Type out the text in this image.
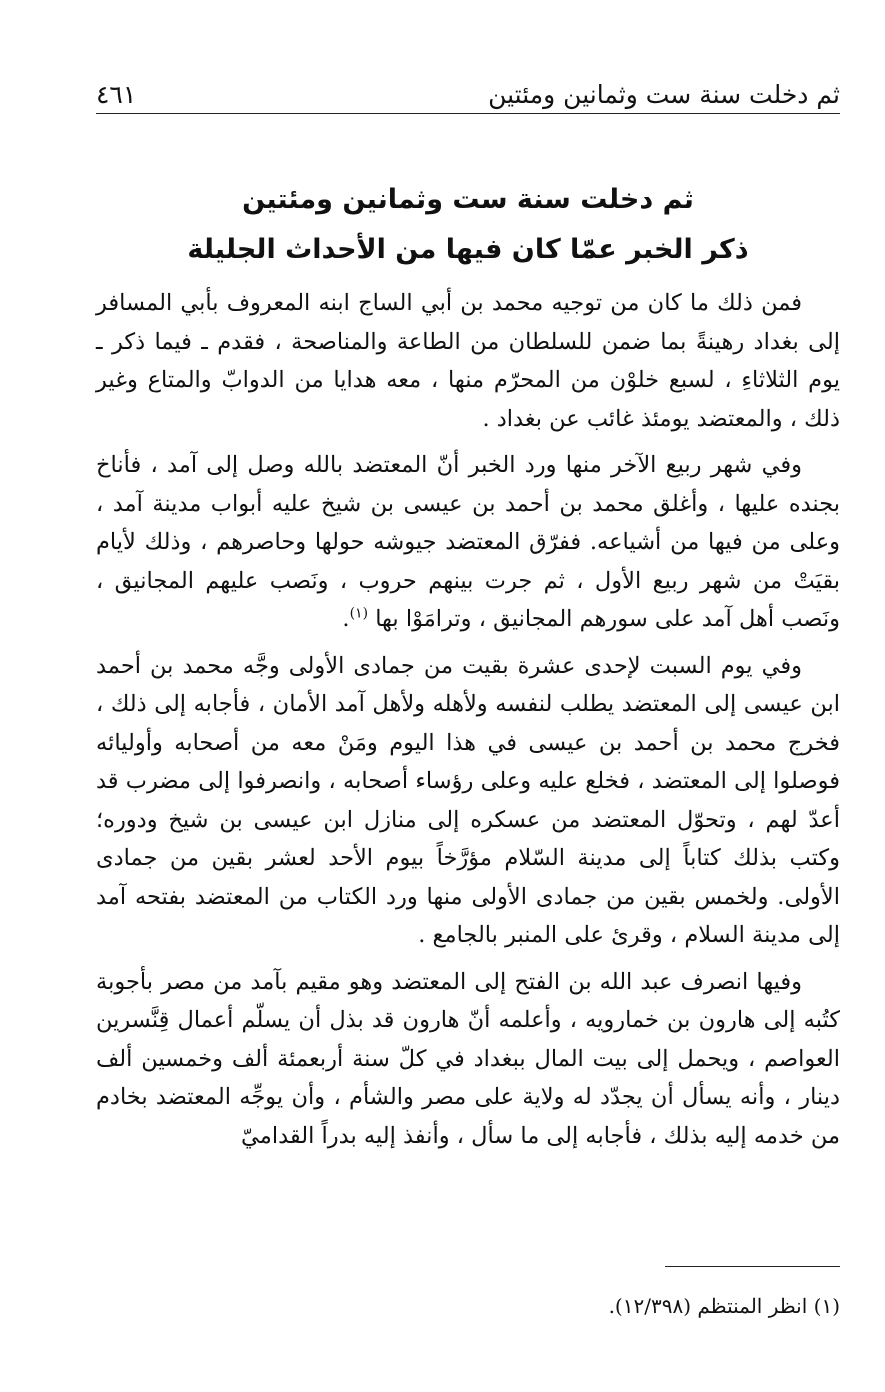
ثم دخلت سنة ست وثمانين ومئتين
٤٦١
ثم دخلت سنة ست وثمانين ومئتين
ذكر الخبر عمّا كان فيها من الأحداث الجليلة

فمن ذلك ما كان من توجيه محمد بن أبي الساج ابنه المعروف بأبي المسافر إلى بغداد رهينةً بما ضمن للسلطان من الطاعة والمناصحة ، فقدم ـ فيما ذكر ـ يوم الثلاثاءِ ، لسبع خلوْن من المحرّم منها ، معه هدايا من الدوابّ والمتاع وغير ذلك ، والمعتضد يومئذ غائب عن بغداد .

وفي شهر ربيع الآخر منها ورد الخبر أنّ المعتضد بالله وصل إلى آمد ، فأناخ بجنده عليها ، وأغلق محمد بن أحمد بن عيسى بن شيخ عليه أبواب مدينة آمد ، وعلى من فيها من أشياعه. ففرّق المعتضد جيوشه حولها وحاصرهم ، وذلك لأيام بقيَتْ من شهر ربيع الأول ، ثم جرت بينهم حروب ، ونَصب عليهم المجانيق ، ونَصب أهل آمد على سورهم المجانيق ، وترامَوْا بها $^{(١)}$.

وفي يوم السبت لإحدى عشرة بقيت من جمادى الأولى وجَّه محمد بن أحمد ابن عيسى إلى المعتضد يطلب لنفسه ولأهله ولأهل آمد الأمان ، فأجابه إلى ذلك ، فخرج محمد بن أحمد بن عيسى في هذا اليوم ومَنْ معه من أصحابه وأوليائه فوصلوا إلى المعتضد ، فخلع عليه وعلى رؤساء أصحابه ، وانصرفوا إلى مضرب قد أعدّ لهم ، وتحوّل المعتضد من عسكره إلى منازل ابن عيسى بن شيخ ودوره؛ وكتب بذلك كتاباً إلى مدينة السّلام مؤرَّخاً بيوم الأحد لعشر بقين من جمادى الأولى. ولخمس بقين من جمادى الأولى منها ورد الكتاب من المعتضد بفتحه آمد إلى مدينة السلام ، وقرئ على المنبر بالجامع .

وفيها انصرف عبد الله بن الفتح إلى المعتضد وهو مقيم بآمد من مصر بأجوبة كتُبه إلى هارون بن خمارويه ، وأعلمه أنّ هارون قد بذل أن يسلّم أعمال قِنَّسرين العواصم ، ويحمل إلى بيت المال ببغداد في كلّ سنة أربعمئة ألف وخمسين ألف دينار ، وأنه يسأل أن يجدّد له ولاية على مصر والشأم ، وأن يوجِّه المعتضد بخادم من خدمه إليه بذلك ، فأجابه إلى ما سأل ، وأنفذ إليه بدراً القداميّ

(١) انظر المنتظم (١٢/٣٩٨).
